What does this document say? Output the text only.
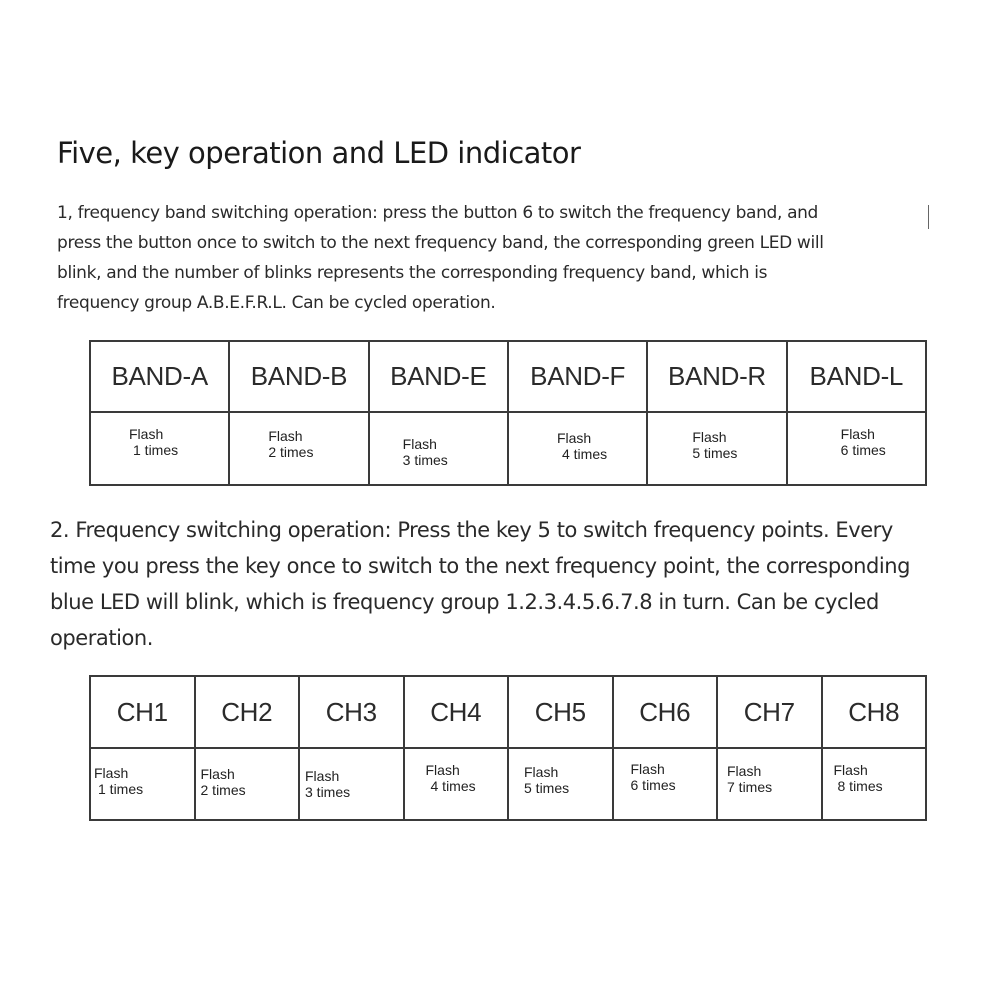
Five, key operation and LED indicator

1, frequency band switching operation: press the button 6 to switch the frequency band, and
press the button once to switch to the next frequency band, the corresponding green LED will
blink, and the number of blinks represents the corresponding frequency band, which is
frequency group A.B.E.F.R.L. Can be cycled operation.

BAND-A	BAND-B	BAND-E	BAND-F	BAND-R	BAND-L

Flash
1 times	Flash
2 times	Flash
3 times	Flash
4 times	Flash
5 times	Flash
6 times

2. Frequency switching operation: Press the key 5 to switch frequency points. Every
time you press the key once to switch to the next frequency point, the corresponding
blue LED will blink, which is frequency group 1.2.3.4.5.6.7.8 in turn. Can be cycled
operation.

CH1	CH2	CH3	CH4	CH5	CH6	CH7	CH8

Flash
1 times	Flash
2 times	Flash
3 times	Flash
4 times	Flash
5 times	Flash
6 times	Flash
7 times	Flash
8 times
